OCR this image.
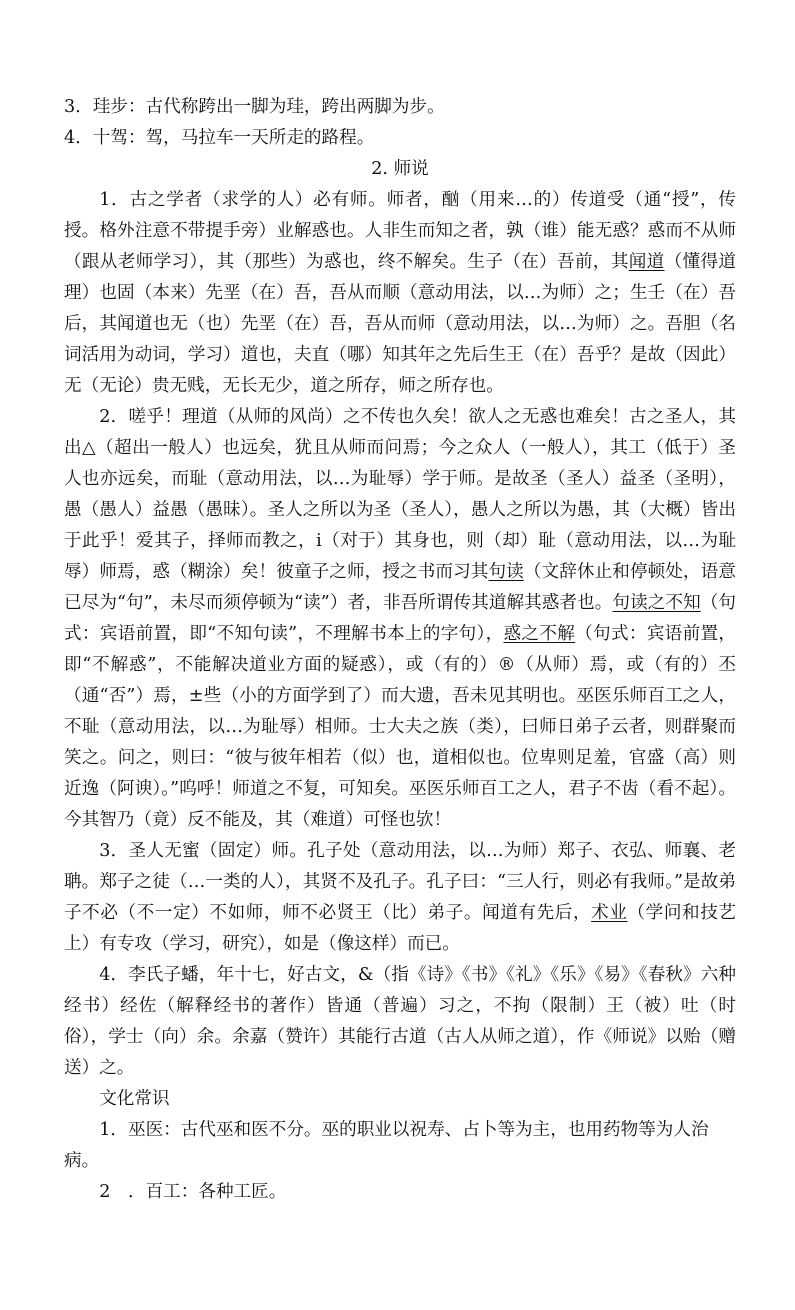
3．珪步：古代称跨出一脚为珪，跨出两脚为步。

4．十驾：驾，马拉车一天所走的路程。

2. 师说

1．古之学者（求学的人）必有师。师者，酗（用来…的）传道受（通“授”，传授。格外注意不带提手旁）业解惑也。人非生而知之者，孰（谁）能无惑？惑而不从师（跟从老师学习），其（那些）为惑也，终不解矣。生子（在）吾前，其闻道（懂得道理）也固（本来）先垩（在）吾，吾从而顺（意动用法，以…为师）之；生壬（在）吾后，其闻道也无（也）先垩（在）吾，吾从而师（意动用法，以…为师）之。吾胆（名词活用为动词，学习）道也，夫直（哪）知其年之先后生王（在）吾乎？是故（因此）无（无论）贵无贱，无长无少，道之所存，师之所存也。

2．嗟乎！理道（从师的风尚）之不传也久矣！欲人之无惑也难矣！古之圣人，其出△（超出一般人）也远矣，犹且从师而问焉；今之众人（一般人），其工（低于）圣人也亦远矣，而耻（意动用法，以…为耻辱）学于师。是故圣（圣人）益圣（圣明），愚（愚人）益愚（愚昧）。圣人之所以为圣（圣人），愚人之所以为愚，其（大概）皆出于此乎！爱其子，择师而教之，i（对于）其身也，则（却）耻（意动用法，以…为耻辱）师焉，惑（糊涂）矣！彼童子之师，授之书而习其句读（文辞休止和停顿处，语意已尽为“句”，未尽而须停顿为“读”）者，非吾所谓传其道解其惑者也。句读之不知（句式：宾语前置，即“不知句读”，不理解书本上的字句），惑之不解（句式：宾语前置，即“不解惑”，不能解决道业方面的疑惑），或（有的）®（从师）焉，或（有的）丕（通“否”）焉，±些（小的方面学到了）而大遗，吾未见其明也。巫医乐师百工之人，不耻（意动用法，以…为耻辱）相师。士大夫之族（类），曰师日弟子云者，则群聚而笑之。问之，则曰：“彼与彼年相若（似）也，道相似也。位卑则足羞，官盛（高）则近逸（阿谀）。”呜呼！师道之不复，可知矣。巫医乐师百工之人，君子不齿（看不起）。今其智乃（竟）反不能及，其（难道）可怪也欤！

3．圣人无蜜（固定）师。孔子处（意动用法，以…为师）郑子、衣弘、师襄、老聃。郑子之徒（…一类的人），其贤不及孔子。孔子曰：“三人行，则必有我师。”是故弟子不必（不一定）不如师，师不必贤王（比）弟子。闻道有先后，术业（学问和技艺上）有专攻（学习，研究），如是（像这样）而已。

4．李氏子蟠，年十七，好古文，&（指《诗》《书》《礼》《乐》《易》《春秋》六种经书）经佐（解释经书的著作）皆通（普遍）习之，不拘（限制）王（被）吐（时俗），学士（向）余。余嘉（赞许）其能行古道（古人从师之道），作《师说》以贻（赠送）之。

文化常识

1．巫医：古代巫和医不分。巫的职业以祝寿、占卜等为主，也用药物等为人治病。

2　．百工：各种工匠。
